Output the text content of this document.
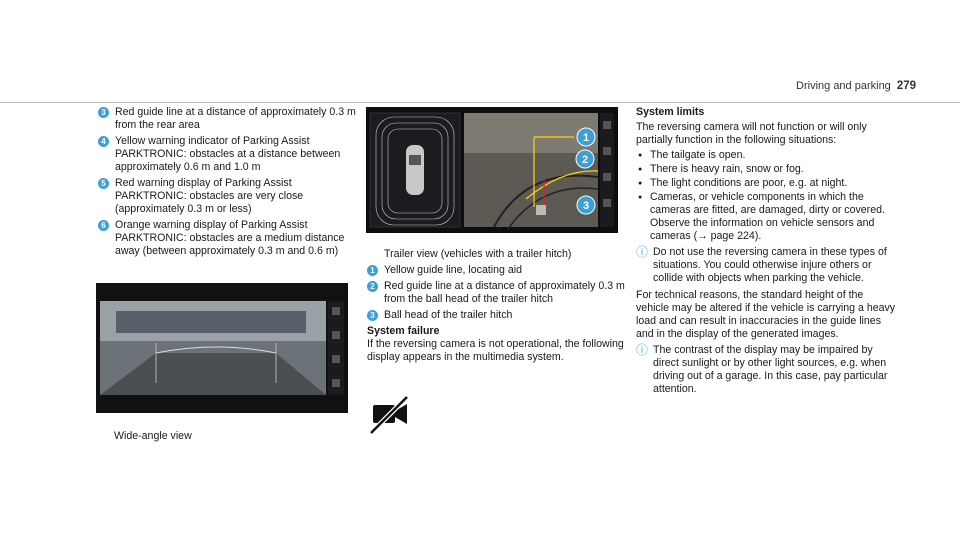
Driving and parking 279
3 Red guide line at a distance of approximately 0.3 m from the rear area
4 Yellow warning indicator of Parking Assist PARKTRONIC: obstacles at a distance between approximately 0.6 m and 1.0 m
5 Red warning display of Parking Assist PARKTRONIC: obstacles are very close (approximately 0.3 m or less)
6 Orange warning display of Parking Assist PARKTRONIC: obstacles are a medium distance away (between approximately 0.3 m and 0.6 m)
Wide-angle view
1
2
3
Trailer view (vehicles with a trailer hitch)
1 Yellow guide line, locating aid
2 Red guide line at a distance of approximately 0.3 m from the ball head of the trailer hitch
3 Ball head of the trailer hitch
System failure
If the reversing camera is not operational, the following display appears in the multimedia system.
System limits
The reversing camera will not function or will only partially function in the following situations:
● The tailgate is open.
● There is heavy rain, snow or fog.
● The light conditions are poor, e.g. at night.
● Cameras, or vehicle components in which the cameras are fitted, are damaged, dirty or covered. Observe the information on vehicle sensors and cameras (→ page 224).
ⓘ Do not use the reversing camera in these types of situations. You could otherwise injure others or collide with objects when parking the vehicle.
For technical reasons, the standard height of the vehicle may be altered if the vehicle is carrying a heavy load and can result in inaccuracies in the guide lines and in the display of the generated images.
ⓘ The contrast of the display may be impaired by direct sunlight or by other light sources, e.g. when driving out of a garage. In this case, pay particular attention.
